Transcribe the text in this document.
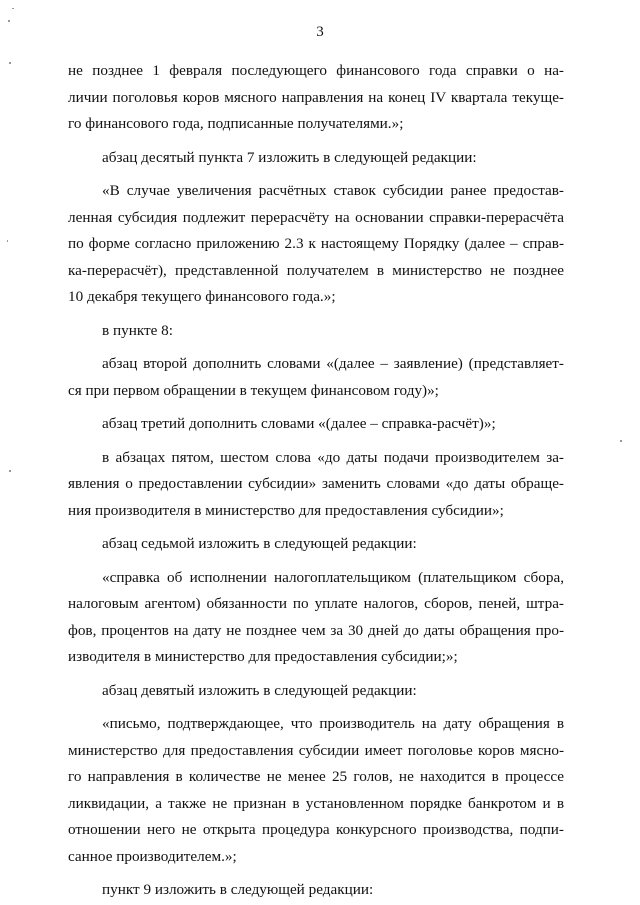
3
не позднее 1 февраля последующего финансового года справки о на-
личии поголовья коров мясного направления на конец IV квартала текуще-
го финансового года, подписанные получателями.»;
абзац десятый пункта 7 изложить в следующей редакции:
«В случае увеличения расчётных ставок субсидии ранее предостав-
ленная субсидия подлежит перерасчёту на основании справки-перерасчёта
по форме согласно приложению 2.3 к настоящему Порядку (далее – справ-
ка-перерасчёт), представленной получателем в министерство не позднее
10 декабря текущего финансового года.»;
в пункте 8:
абзац второй дополнить словами «(далее – заявление) (представляет-
ся при первом обращении в текущем финансовом году)»;
абзац третий дополнить словами «(далее – справка-расчёт)»;
в абзацах пятом, шестом слова «до даты подачи производителем за-
явления о предоставлении субсидии» заменить словами «до даты обраще-
ния производителя в министерство для предоставления субсидии»;
абзац седьмой изложить в следующей редакции:
«справка об исполнении налогоплательщиком (плательщиком сбора,
налоговым агентом) обязанности по уплате налогов, сборов, пеней, штра-
фов, процентов на дату не позднее чем за 30 дней до даты обращения про-
изводителя в министерство для предоставления субсидии;»;
абзац девятый изложить в следующей редакции:
«письмо, подтверждающее, что производитель на дату обращения в
министерство для предоставления субсидии имеет поголовье коров мясно-
го направления в количестве не менее 25 голов, не находится в процессе
ликвидации, а также не признан в установленном порядке банкротом и в
отношении него не открыта процедура конкурсного производства, подпи-
санное производителем.»;
пункт 9 изложить в следующей редакции:
